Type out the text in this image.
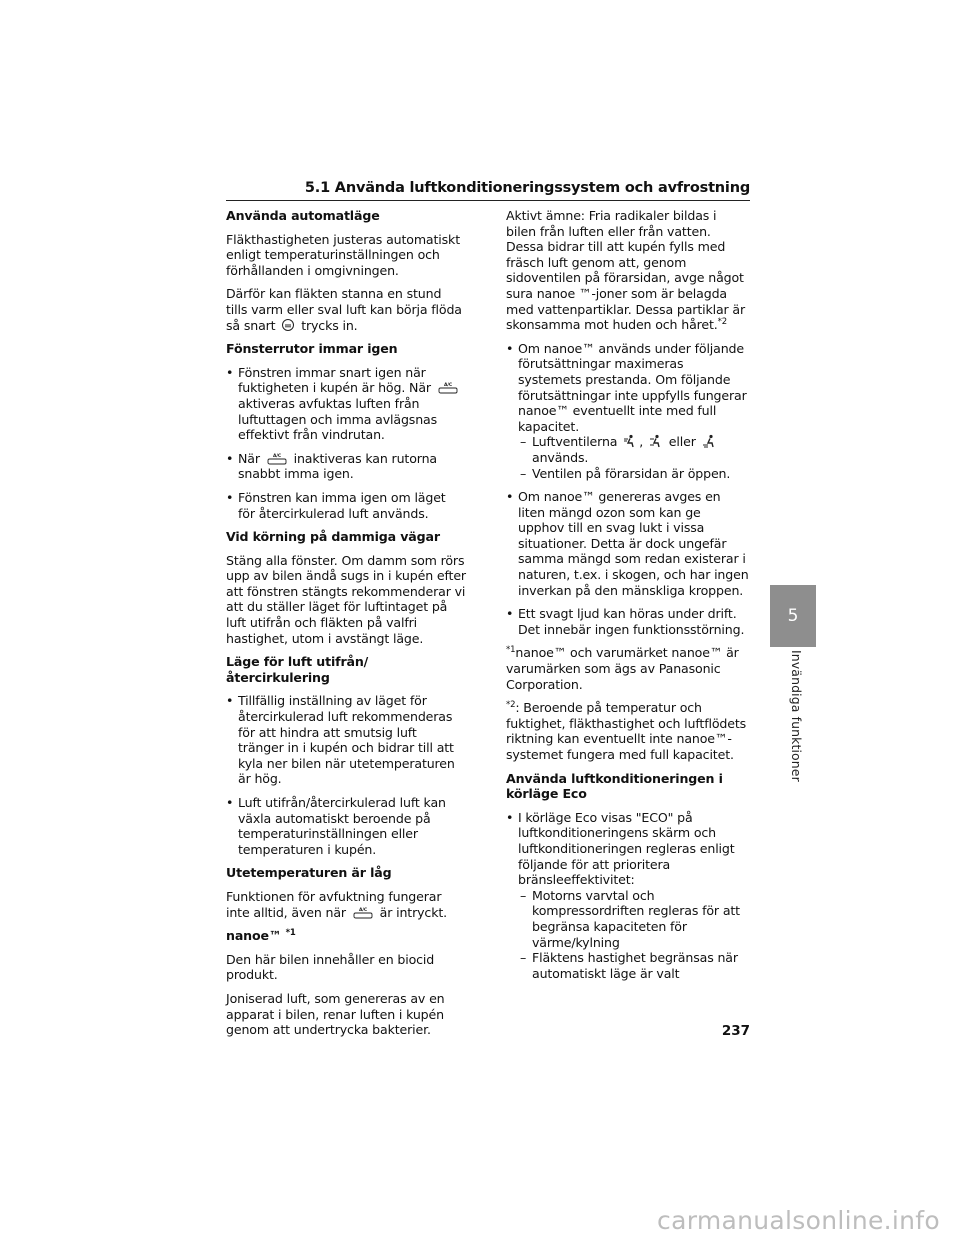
5.1 Använda luftkonditioneringssystem och avfrostning

Använda automatläge

Fläkthastigheten justeras automatiskt enligt temperaturinställningen och förhållanden i omgivningen.

Därför kan fläkten stanna en stund tills varm eller sval luft kan börja flöda så snart trycks in.

Fönsterrutor immar igen

• Fönstren immar snart igen när fuktigheten i kupén är hög. När	A/C
aktiveras avfuktas luften från luftuttagen och imma avlägsnas effektivt från vindrutan.
• När	A/C inaktiveras kan rutorna snabbt imma igen.
• Fönstren kan imma igen om läget för återcirkulerad luft används.

Vid körning på dammiga vägar

Stäng alla fönster. Om damm som rörs upp av bilen ändå sugs in i kupén efter att fönstren stängts rekommenderar vi att du ställer läget för luftintaget på luft utifrån och fläkten på valfri hastighet, utom i avstängt läge.

Läge för luft utifrån/återcirkulering

• Tillfällig inställning av läget för återcirkulerad luft rekommenderas för att hindra att smutsig luft tränger in i kupén och bidrar till att kyla ner bilen när utetemperaturen är hög.
• Luft utifrån/återcirkulerad luft kan växla automatiskt beroende på temperaturinställningen eller temperaturen i kupén.

Utetemperaturen är låg

Funktionen för avfuktning fungerar inte alltid, även när	A/C är intryckt.

nanoe™ $^{*1}$

Den här bilen innehåller en biocid produkt.

Joniserad luft, som genereras av en apparat i bilen, renar luften i kupén genom att undertrycka bakterier.

Aktivt ämne: Fria radikaler bildas i bilen från luften eller från vatten. Dessa bidrar till att kupén fylls med fräsch luft genom att, genom sidoventilen på förarsidan, avge något sura nanoe ™-joner som är belagda med vattenpartiklar. Dessa partiklar är skonsamma mot huden och håret.$^{*2}$

• Om nanoe™ används under följande förutsättningar maximeras systemets prestanda. Om följande förutsättningar inte uppfylls fungerar nanoe™ eventuellt inte med full kapacitet.
– Luftventilerna , eller
används.
– Ventilen på förarsidan är öppen.
• Om nanoe™ genereras avges en liten mängd ozon som kan ge upphov till en svag lukt i vissa situationer. Detta är dock ungefär samma mängd som redan existerar i naturen, t.ex. i skogen, och har ingen inverkan på den mänskliga kroppen.
• Ett svagt ljud kan höras under drift. Det innebär ingen funktionsstörning.

$^{*1}$nanoe™ och varumärket nanoe™ är varumärken som ägs av Panasonic Corporation.

$^{*2}$: Beroende på temperatur och fuktighet, fläkthastighet och luftflödets riktning kan eventuellt inte nanoe™-systemet fungera med full kapacitet.

Använda luftkonditioneringen i körläge Eco

• I körläge Eco visas "ECO" på luftkonditioneringens skärm och luftkonditioneringen regleras enligt följande för att prioritera bränsleeffektivitet:
– Motorns varvtal och kompressordriften regleras för att begränsa kapaciteten för värme/kylning
– Fläktens hastighet begränsas när automatiskt läge är valt
5
Invändiga funktioner
237
carmanualsonline.info
